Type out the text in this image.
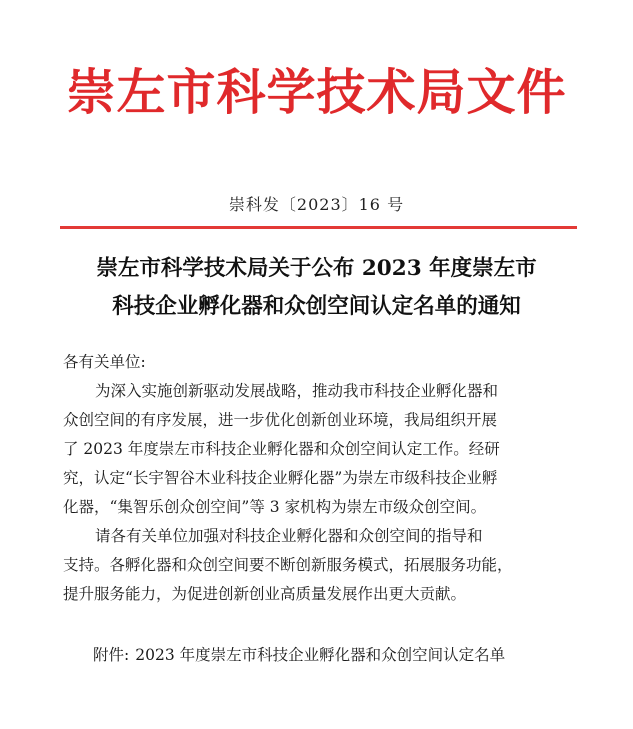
崇左市科学技术局文件
崇科发〔2023〕16 号
崇左市科学技术局关于公布 2023 年度崇左市
科技企业孵化器和众创空间认定名单的通知

各有关单位:

为深入实施创新驱动发展战略，推动我市科技企业孵化器和
众创空间的有序发展，进一步优化创新创业环境，我局组织开展
了 2023 年度崇左市科技企业孵化器和众创空间认定工作。经研
究，认定“长宇智谷木业科技企业孵化器”为崇左市级科技企业孵
化器，“集智乐创众创空间”等 3 家机构为崇左市级众创空间。

请各有关单位加强对科技企业孵化器和众创空间的指导和
支持。各孵化器和众创空间要不断创新服务模式，拓展服务功能，
提升服务能力，为促进创新创业高质量发展作出更大贡献。

附件: 2023 年度崇左市科技企业孵化器和众创空间认定名单
